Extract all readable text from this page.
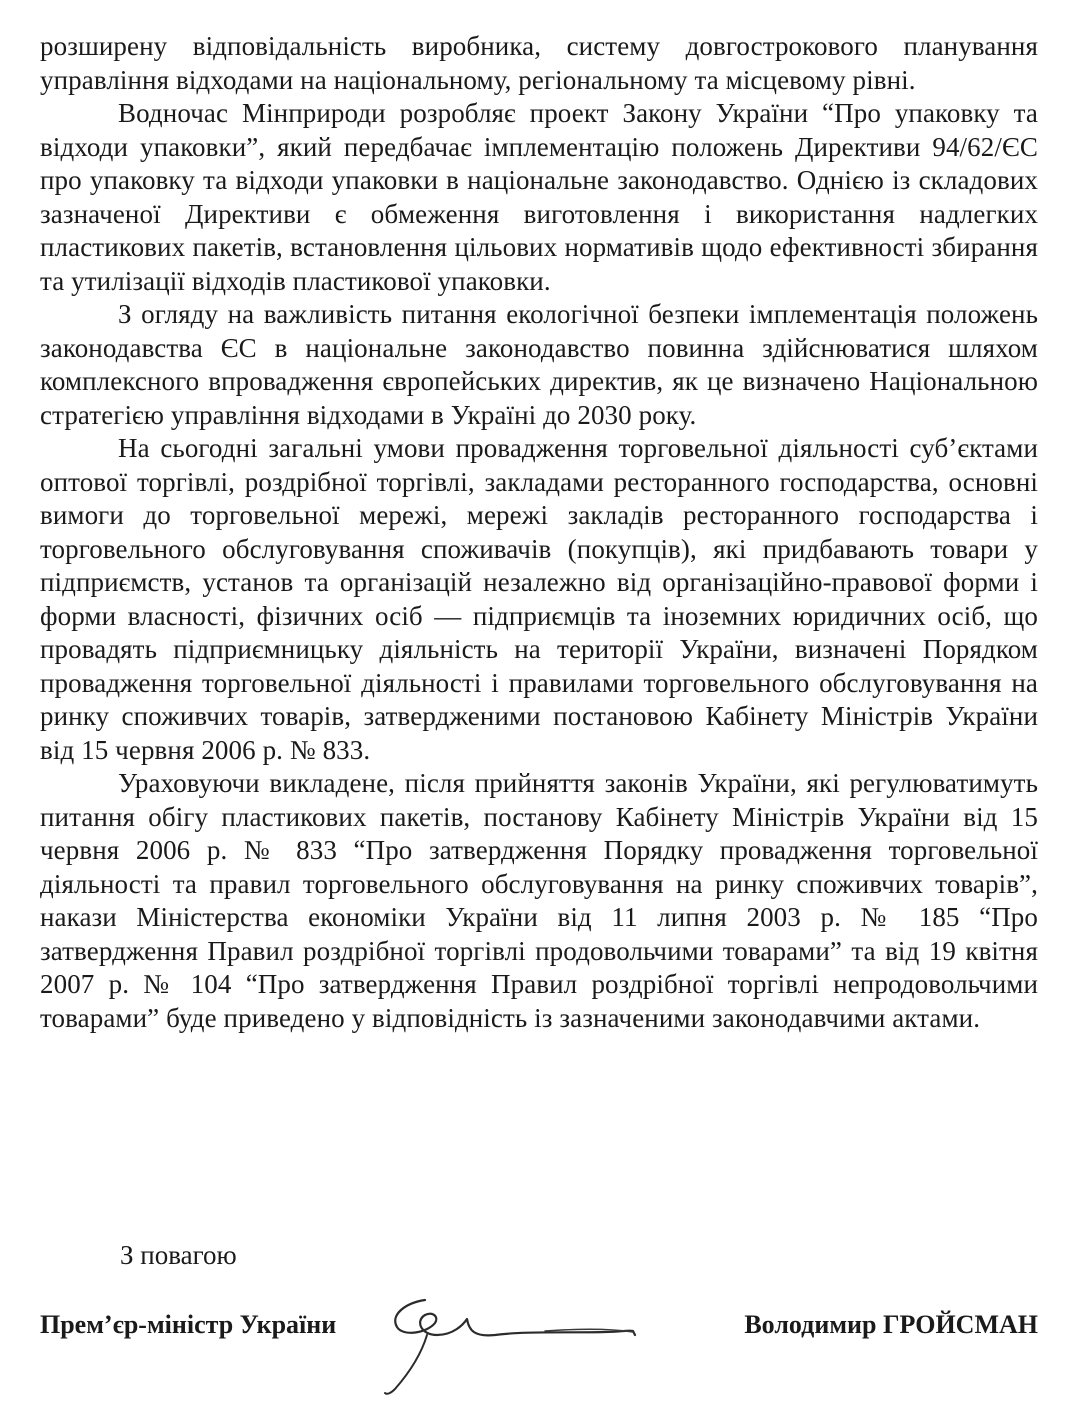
розширену відповідальність виробника, систему довгострокового планування управління відходами на національному, регіональному та місцевому рівні.

Водночас Мінприроди розробляє проект Закону України “Про упаковку та відходи упаковки”, який передбачає імплементацію положень Директиви 94/62/ЄС про упаковку та відходи упаковки в національне законодавство. Однією із складових зазначеної Директиви є обмеження виготовлення і використання надлегких пластикових пакетів, встановлення цільових нормативів щодо ефективності збирання та утилізації відходів пластикової упаковки.

З огляду на важливість питання екологічної безпеки імплементація положень законодавства ЄС в національне законодавство повинна здійснюватися шляхом комплексного впровадження європейських директив, як це визначено Національною стратегією управління відходами в Україні до 2030 року.

На сьогодні загальні умови провадження торговельної діяльності суб’єктами оптової торгівлі, роздрібної торгівлі, закладами ресторанного господарства, основні вимоги до торговельної мережі, мережі закладів ресторанного господарства і торговельного обслуговування споживачів (покупців), які придбавають товари у підприємств, установ та організацій незалежно від організаційно-правової форми і форми власності, фізичних осіб — підприємців та іноземних юридичних осіб, що провадять підприємницьку діяльність на території України, визначені Порядком провадження торговельної діяльності і правилами торговельного обслуговування на ринку споживчих товарів, затвердженими постановою Кабінету Міністрів України від 15 червня 2006 р. № 833.

Ураховуючи викладене, після прийняття законів України, які регулюватимуть питання обігу пластикових пакетів, постанову Кабінету Міністрів України від 15 червня 2006 р. № 833 “Про затвердження Порядку провадження торговельної діяльності та правил торговельного обслуговування на ринку споживчих товарів”, накази Міністерства економіки України від 11 липня 2003 р. № 185 “Про затвердження Правил роздрібної торгівлі продовольчими товарами” та від 19 квітня 2007 р. № 104 “Про затвердження Правил роздрібної торгівлі непродовольчими товарами” буде приведено у відповідність із зазначеними законодавчими актами.

З повагою

Прем’єр-міністр України	Володимир ГРОЙСМАН
